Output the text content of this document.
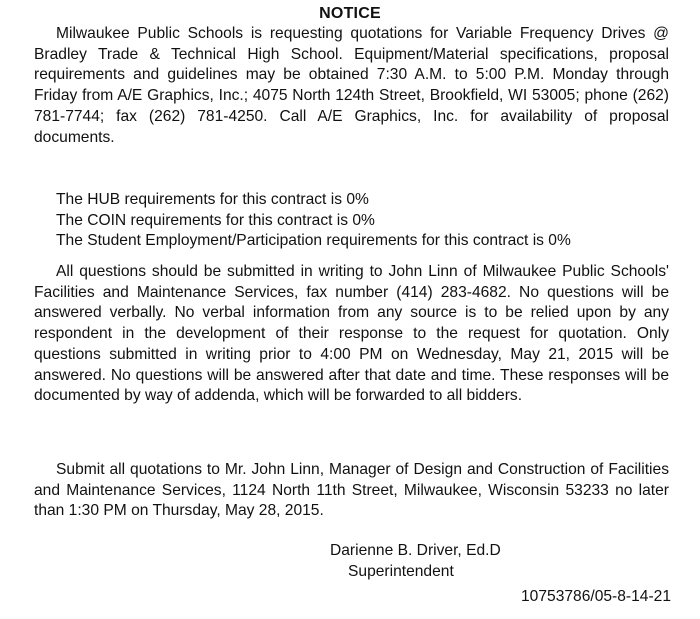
NOTICE
Milwaukee Public Schools is requesting quotations for Variable Frequency Drives @ Bradley Trade & Technical High School. Equipment/Material specifications, proposal requirements and guidelines may be obtained 7:30 A.M. to 5:00 P.M. Monday through Friday from A/E Graphics, Inc.; 4075 North 124th Street, Brookfield, WI 53005; phone (262) 781-7744; fax (262) 781-4250. Call A/E Graphics, Inc. for availability of proposal documents.
The HUB requirements for this contract is 0%
The COIN requirements for this contract is 0%
The Student Employment/Participation requirements for this contract is 0%
All questions should be submitted in writing to John Linn of Milwaukee Public Schools' Facilities and Maintenance Services, fax number (414) 283-4682. No questions will be answered verbally. No verbal information from any source is to be relied upon by any respondent in the development of their response to the request for quotation. Only questions submitted in writing prior to 4:00 PM on Wednesday, May 21, 2015 will be answered. No questions will be answered after that date and time. These responses will be documented by way of addenda, which will be forwarded to all bidders.
Submit all quotations to Mr. John Linn, Manager of Design and Construction of Facilities and Maintenance Services, 1124 North 11th Street, Milwaukee, Wisconsin 53233 no later than 1:30 PM on Thursday, May 28, 2015.
Darienne B. Driver, Ed.D
Superintendent
10753786/05-8-14-21
